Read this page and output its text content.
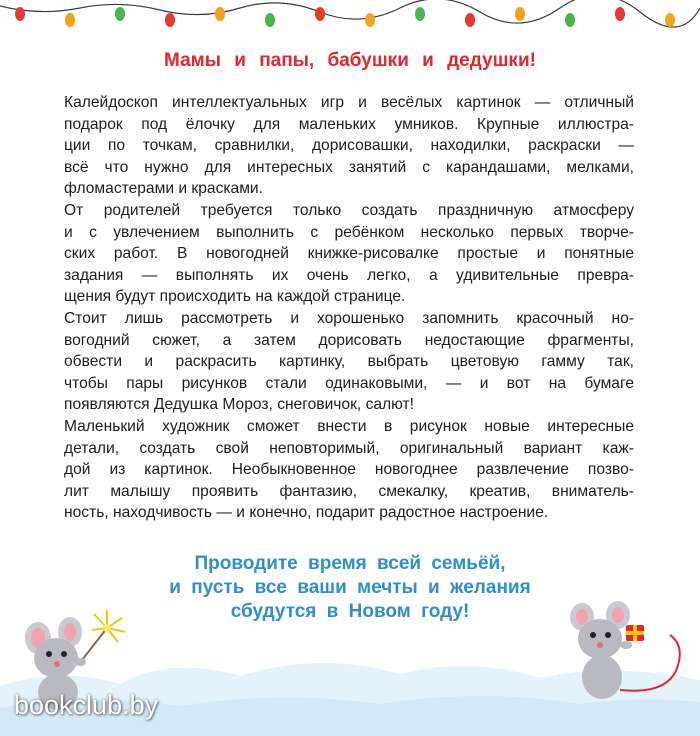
Мамы и папы, бабушки и дедушки!
Калейдоскоп интеллектуальных игр и весёлых картинок — отличный
подарок под ёлочку для маленьких умников. Крупные иллюстра-
ции по точкам, сравнилки, дорисовашки, находилки, раскраски —
всё что нужно для интересных занятий с карандашами, мелками,
фломастерами и красками.
От родителей требуется только создать праздничную атмосферу
и с увлечением выполнить с ребёнком несколько первых творче-
ских работ. В новогодней книжке-рисовалке простые и понятные
задания — выполнять их очень легко, а удивительные превра-
щения будут происходить на каждой странице.
Стоит лишь рассмотреть и хорошенько запомнить красочный но-
вогодний сюжет, а затем дорисовать недостающие фрагменты,
обвести и раскрасить картинку, выбрать цветовую гамму так,
чтобы пары рисунков стали одинаковыми, — и вот на бумаге
появляются Дедушка Мороз, снеговичок, салют!
Маленький художник сможет внести в рисунок новые интересные
детали, создать свой неповторимый, оригинальный вариант каж-
дой из картинок. Необыкновенное новогоднее развлечение позво-
лит малышу проявить фантазию, смекалку, креатив, вниматель-
ность, находчивость — и конечно, подарит радостное настроение.
Проводите время всей семьёй,
и пусть все ваши мечты и желания
сбудутся в Новом году!
bookclub.by
